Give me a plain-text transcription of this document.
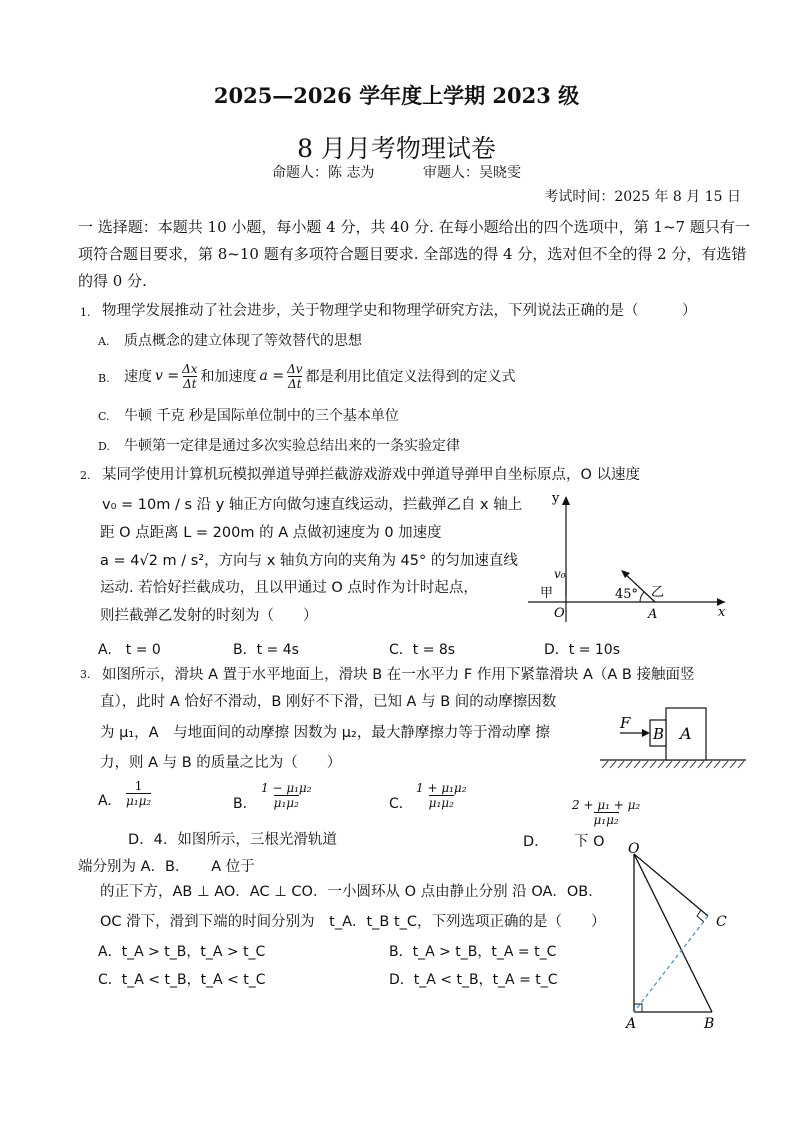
2025—2026 学年度上学期 2023 级
8 月月考物理试卷
命题人：陈 志为	审题人：吴晓雯
考试时间：2025 年 8 月 15 日
一 选择题：本题共 10 小题，每小题 4 分，共 40 分. 在每小题给出的四个选项中，第 1~7 题只有一项符合题目要求，第 8~10 题有多项符合题目要求. 全部选的得 4 分，选对但不全的得 2 分，有选错的得 0 分.
1. 物理学发展推动了社会进步，关于物理学史和物理学研究方法，下列说法正确的是（　　　）
A. 质点概念的建立体现了等效替代的思想
B. 速度 $v = \frac{\Delta x}{\Delta t}$ 和加速度 $a = \frac{\Delta v}{\Delta t}$ 都是利用比值定义法得到的定义式
C. 牛顿 千克 秒是国际单位制中的三个基本单位
D. 牛顿第一定律是通过多次实验总结出来的一条实验定律
2. 某同学使用计算机玩模拟弹道导弹拦截游戏游戏中弹道导弹甲自坐标原点，O 以速度
v₀ = 10m / s 沿 y 轴正方向做匀速直线运动，拦截弹乙自 x 轴上
距 O 点距离 L = 200m 的 A 点做初速度为 0 加速度
a = 4√2 m / s²，方向与 x 轴负方向的夹角为 45° 的匀加速直线
运动. 若恰好拦截成功，且以甲通过 O 点时作为计时起点，
则拦截弹乙发射的时刻为（　　）
y
x
O	A
v₀
甲	乙
45°
A.　t = 0	B．t = 4s	C．t = 8s	D．t = 10s
3. 如图所示，滑块 A 置于水平地面上，滑块 B 在一水平力 F 作用下紧靠滑块 A（A B 接触面竖
直），此时 A 恰好不滑动，B 刚好不下滑，已知 A 与 B 间的动摩擦因数
为 μ₁，A　与地面间的动摩擦 因数为 μ₂，最大静摩擦力等于滑动摩 擦
力，则 A 与 B 的质量之比为（　　）
F
B A
A. $\frac{1}{\text{μ₁μ₂}}$	B． $\frac{\text{1 − μ₁μ₂}}{\text{μ₁μ₂}}$	C． $\frac{\text{1 + μ₁μ₂}}{\text{μ₁μ₂}}$
$\frac{\text{2 + μ₁ + μ₂}}{\text{μ₁μ₂}}$
D．4．如图所示，三根光滑轨道	D． 下 O
端分别为 A．B．　　A 位于
的正下方，AB ⊥ AO．AC ⊥ CO．一小圆环从 O 点由静止分别 沿 OA．OB．
OC 滑下，滑到下端的时间分别为　t_A．t_B t_C，下列选项正确的是（　　）
A．t_A > t_B，t_A > t_C	B．t_A > t_B，t_A = t_C
C．t_A < t_B，t_A < t_C	D．t_A < t_B，t_A = t_C
O
A	B
C
